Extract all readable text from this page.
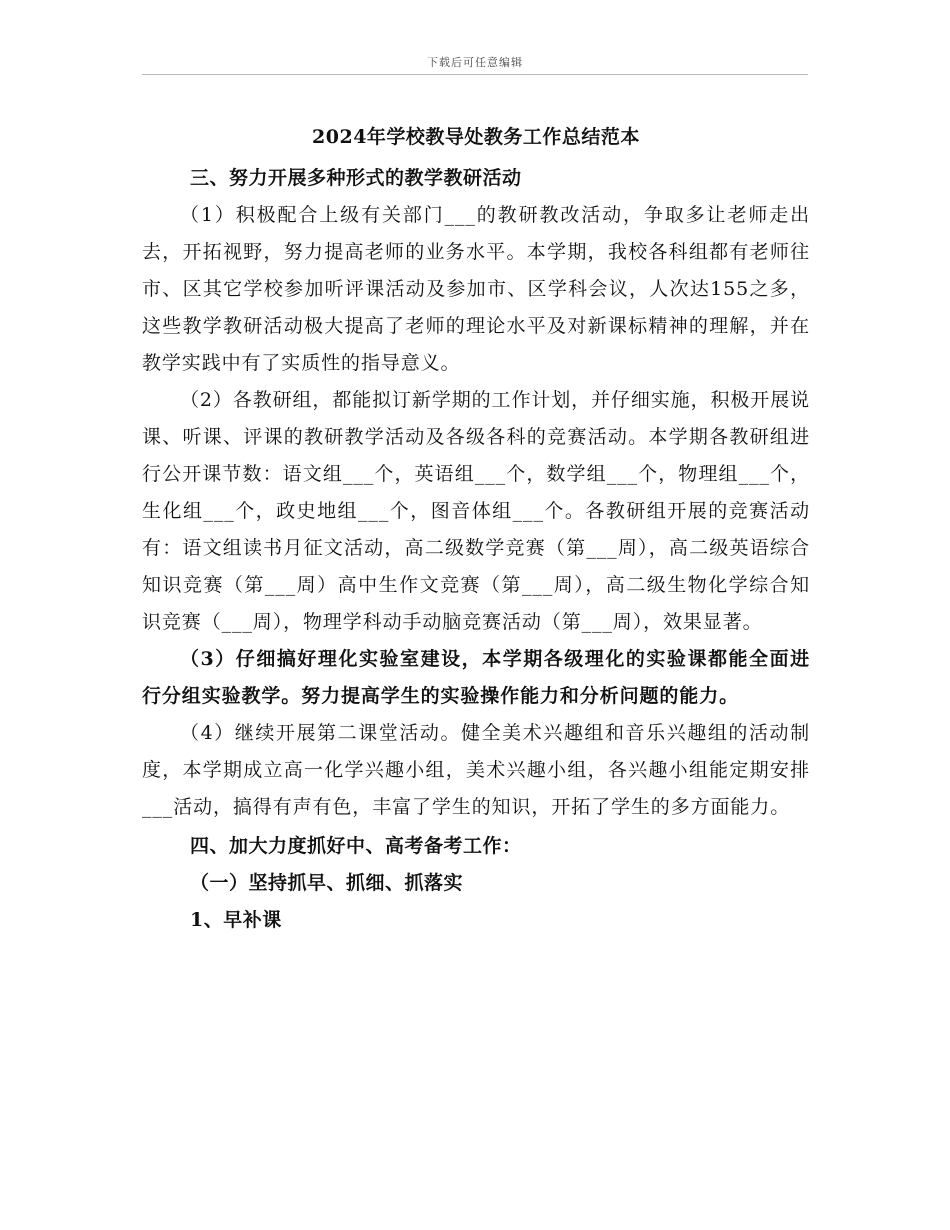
下载后可任意编辑
2024年学校教导处教务工作总结范本

三、努力开展多种形式的教学教研活动

（1）积极配合上级有关部门___的教研教改活动，争取多让老师走出去，开拓视野，努力提高老师的业务水平。本学期，我校各科组都有老师往市、区其它学校参加听评课活动及参加市、区学科会议，人次达155之多，这些教学教研活动极大提高了老师的理论水平及对新课标精神的理解，并在教学实践中有了实质性的指导意义。

（2）各教研组，都能拟订新学期的工作计划，并仔细实施，积极开展说课、听课、评课的教研教学活动及各级各科的竞赛活动。本学期各教研组进行公开课节数：语文组___个，英语组___个，数学组___个，物理组___个，生化组___个，政史地组___个，图音体组___个。各教研组开展的竞赛活动有：语文组读书月征文活动，高二级数学竞赛（第___周），高二级英语综合知识竞赛（第___周）高中生作文竞赛（第___周），高二级生物化学综合知识竞赛（___周），物理学科动手动脑竞赛活动（第___周），效果显著。

（3）仔细搞好理化实验室建设，本学期各级理化的实验课都能全面进行分组实验教学。努力提高学生的实验操作能力和分析问题的能力。

（4）继续开展第二课堂活动。健全美术兴趣组和音乐兴趣组的活动制度，本学期成立高一化学兴趣小组，美术兴趣小组，各兴趣小组能定期安排___活动，搞得有声有色，丰富了学生的知识，开拓了学生的多方面能力。

四、加大力度抓好中、高考备考工作：

（一）坚持抓早、抓细、抓落实

1、早补课
